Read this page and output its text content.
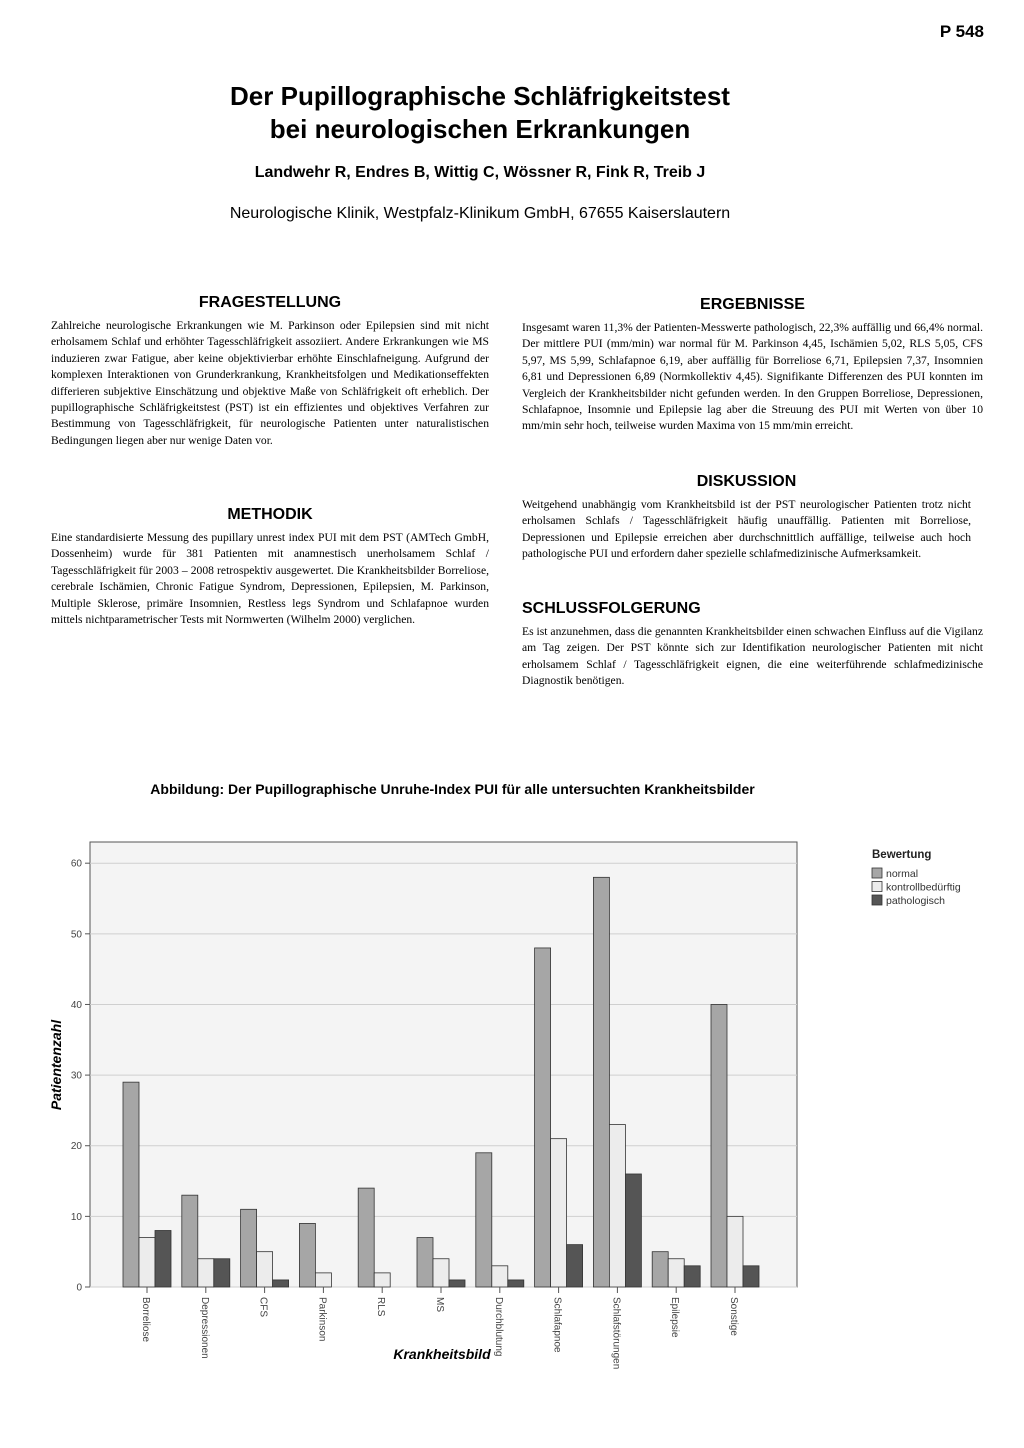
P 548
Der Pupillographische Schläfrigkeitstest
bei neurologischen Erkrankungen
Landwehr R, Endres B, Wittig C, Wössner R, Fink R, Treib J
Neurologische Klinik, Westpfalz-Klinikum GmbH, 67655 Kaiserslautern
FRAGESTELLUNG
Zahlreiche neurologische Erkrankungen wie M. Parkinson oder Epilepsien sind mit nicht erholsamem Schlaf und erhöhter Tagesschläfrigkeit assoziiert. Andere Erkrankungen wie MS induzieren zwar Fatigue, aber keine objektivierbar erhöhte Einschlafneigung. Aufgrund der komplexen Interaktionen von Grunderkrankung, Krankheitsfolgen und Medikationseffekten differieren subjektive Einschätzung und objektive Maße von Schläfrigkeit oft erheblich. Der pupillographische Schläfrigkeitstest (PST) ist ein effizientes und objektives Verfahren zur Bestimmung von Tagesschläfrigkeit, für neurologische Patienten unter naturalistischen Bedingungen liegen aber nur wenige Daten vor.
METHODIK
Eine standardisierte Messung des pupillary unrest index PUI mit dem PST (AMTech GmbH, Dossenheim) wurde für 381 Patienten mit anamnestisch unerholsamem Schlaf / Tagesschläfrigkeit für 2003 – 2008 retrospektiv ausgewertet. Die Krankheitsbilder Borreliose, cerebrale Ischämien, Chronic Fatigue Syndrom, Depressionen, Epilepsien, M. Parkinson, Multiple Sklerose, primäre Insomnien, Restless legs Syndrom und Schlafapnoe wurden mittels nichtparametrischer Tests mit Normwerten (Wilhelm 2000) verglichen.
ERGEBNISSE
Insgesamt waren 11,3% der Patienten-Messwerte pathologisch, 22,3% auffällig und 66,4% normal. Der mittlere PUI (mm/min) war normal für M. Parkinson 4,45, Ischämien 5,02, RLS 5,05, CFS 5,97, MS 5,99, Schlafapnoe 6,19, aber auffällig für Borreliose 6,71, Epilepsien 7,37, Insomnien 6,81 und Depressionen 6,89 (Normkollektiv 4,45). Signifikante Differenzen des PUI konnten im Vergleich der Krankheitsbilder nicht gefunden werden. In den Gruppen Borreliose, Depressionen, Schlafapnoe, Insomnie und Epilepsie lag aber die Streuung des PUI mit Werten von über 10 mm/min sehr hoch, teilweise wurden Maxima von 15 mm/min erreicht.
DISKUSSION
Weitgehend unabhängig vom Krankheitsbild ist der PST neurologischer Patienten trotz nicht erholsamen Schlafs / Tagesschläfrigkeit häufig unauffällig. Patienten mit Borreliose, Depressionen und Epilepsie erreichen aber durchschnittlich auffällige, teilweise auch hoch pathologische PUI und erfordern daher spezielle schlafmedizinische Aufmerksamkeit.
SCHLUSSFOLGERUNG
Es ist anzunehmen, dass die genannten Krankheitsbilder einen schwachen Einfluss auf die Vigilanz am Tag zeigen. Der PST könnte sich zur Identifikation neurologischer Patienten mit nicht erholsamem Schlaf / Tagesschläfrigkeit eignen, die eine weiterführende schlafmedizinische Diagnostik benötigen.
Abbildung: Der Pupillographische Unruhe-Index PUI für alle untersuchten Krankheitsbilder
0
10
20
30
40
50
60
Borreliose	Depressionen	CFS	Parkinson	RLS	MS	Durchblutung	Schlafapnoe	Schlafstörungen	Epilepsie	Sonstige
Patientenzahl
Krankheitsbild
Bewertung
normal
kontrollbedürftig
pathologisch
